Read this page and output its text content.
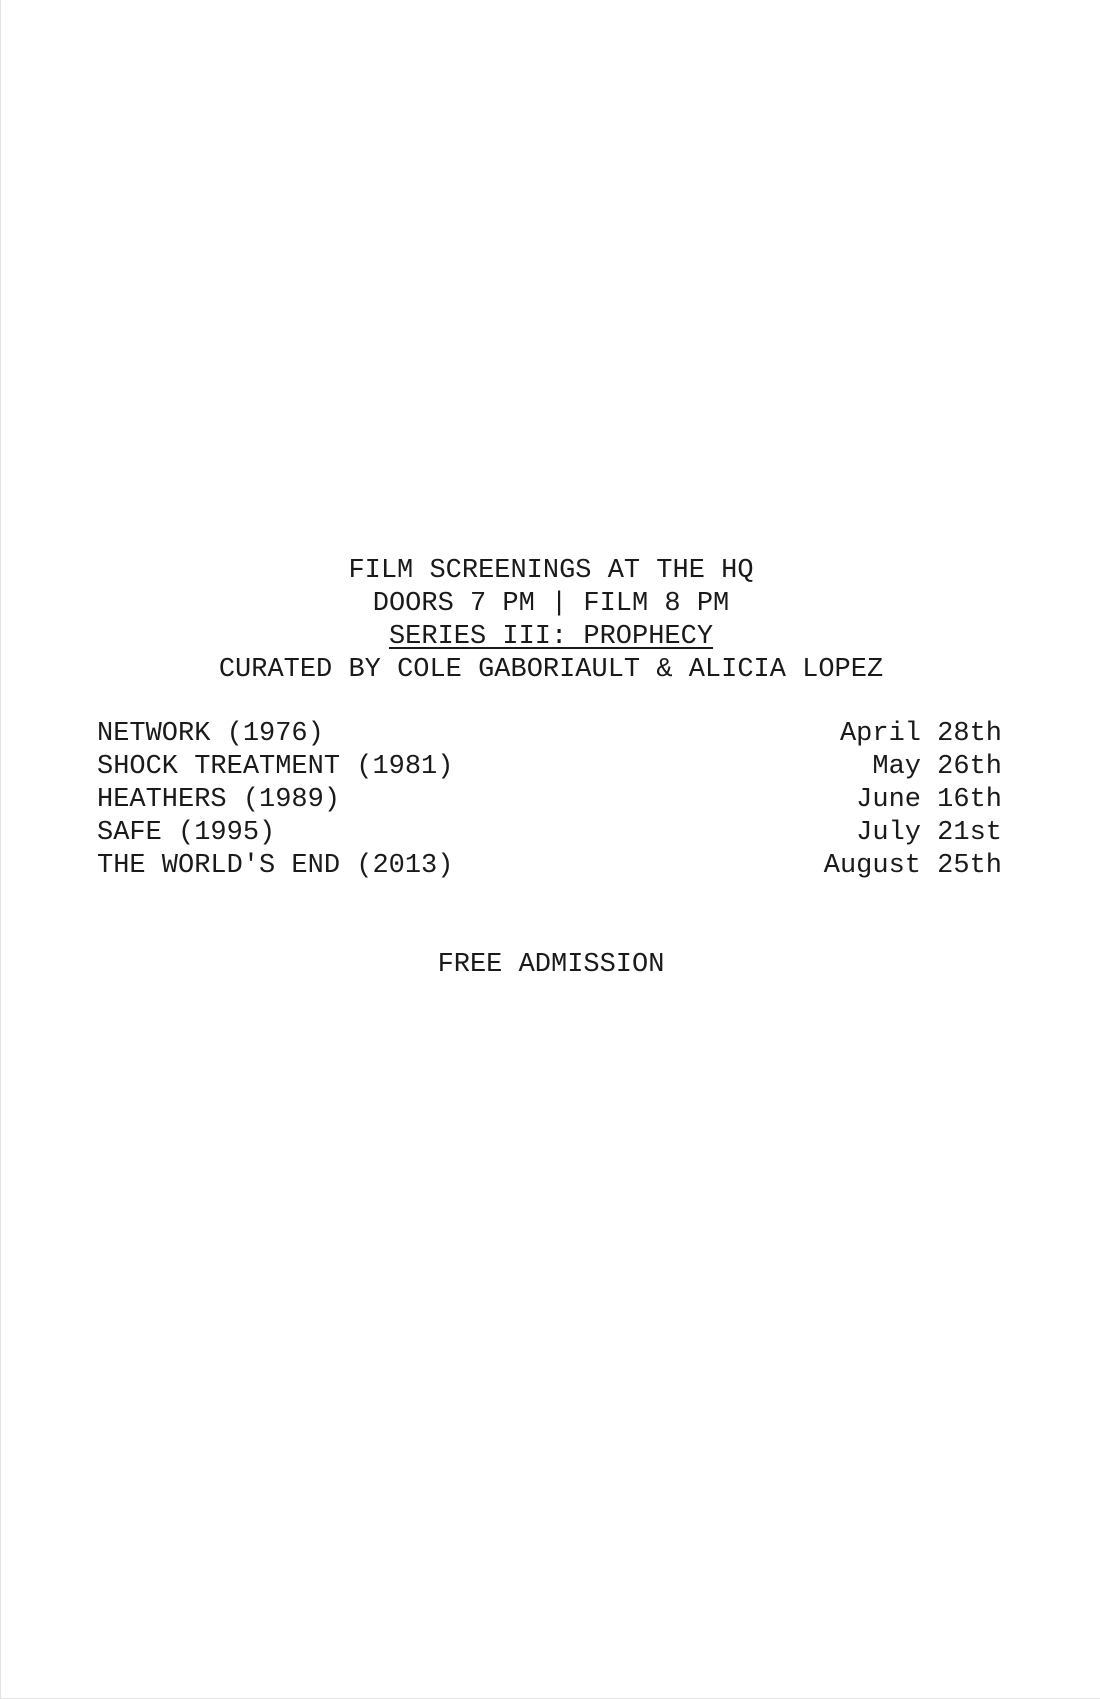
FILM SCREENINGS AT THE HQ
DOORS 7 PM | FILM 8 PM
SERIES III: PROPHECY
CURATED BY COLE GABORIAULT & ALICIA LOPEZ
NETWORK (1976)	April 28th
SHOCK TREATMENT (1981)	May 26th
HEATHERS (1989)	June 16th
SAFE (1995)	July 21st
THE WORLD'S END (2013)	August 25th
FREE ADMISSION
